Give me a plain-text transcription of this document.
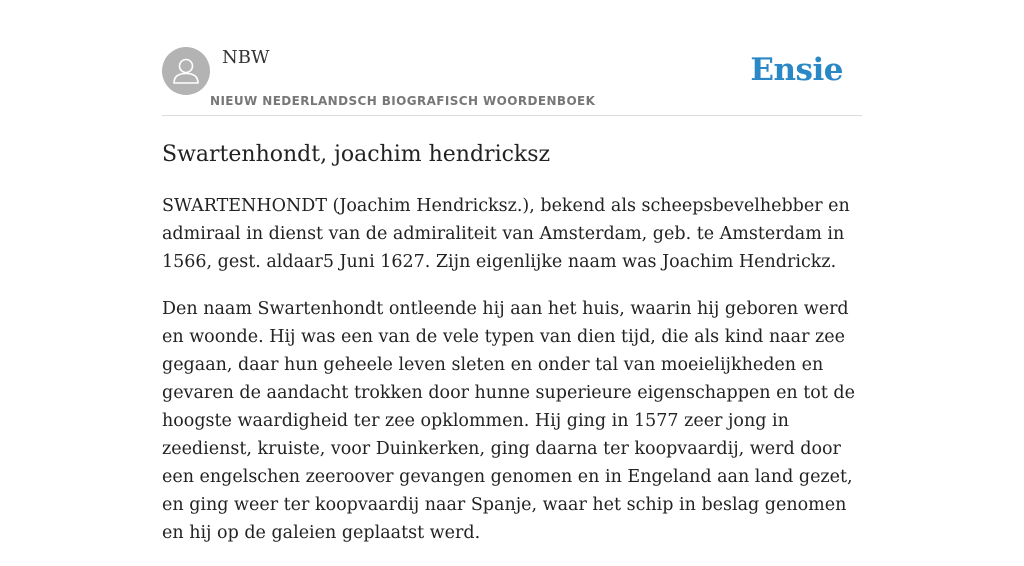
NBW
NIEUW NEDERLANDSCH BIOGRAFISCH WOORDENBOEK
Ensie
Swartenhondt, joachim hendricksz

SWARTENHONDT (Joachim Hendricksz.), bekend als scheepsbevelhebber en admiraal in dienst van de admiraliteit van Amsterdam, geb. te Amsterdam in 1566, gest. aldaar5 Juni 1627. Zijn eigenlijke naam was Joachim Hendrickz.

Den naam Swartenhondt ontleende hij aan het huis, waarin hij geboren werd en woonde. Hij was een van de vele typen van dien tijd, die als kind naar zee gegaan, daar hun geheele leven sleten en onder tal van moeielijkheden en gevaren de aandacht trokken door hunne superieure eigenschappen en tot de hoogste waardigheid ter zee opklommen. Hij ging in 1577 zeer jong in zeedienst, kruiste, voor Duinkerken, ging daarna ter koopvaardij, werd door een engelschen zeeroover gevangen genomen en in Engeland aan land gezet, en ging weer ter koopvaardij naar Spanje, waar het schip in beslag genomen en hij op de galeien geplaatst werd.
